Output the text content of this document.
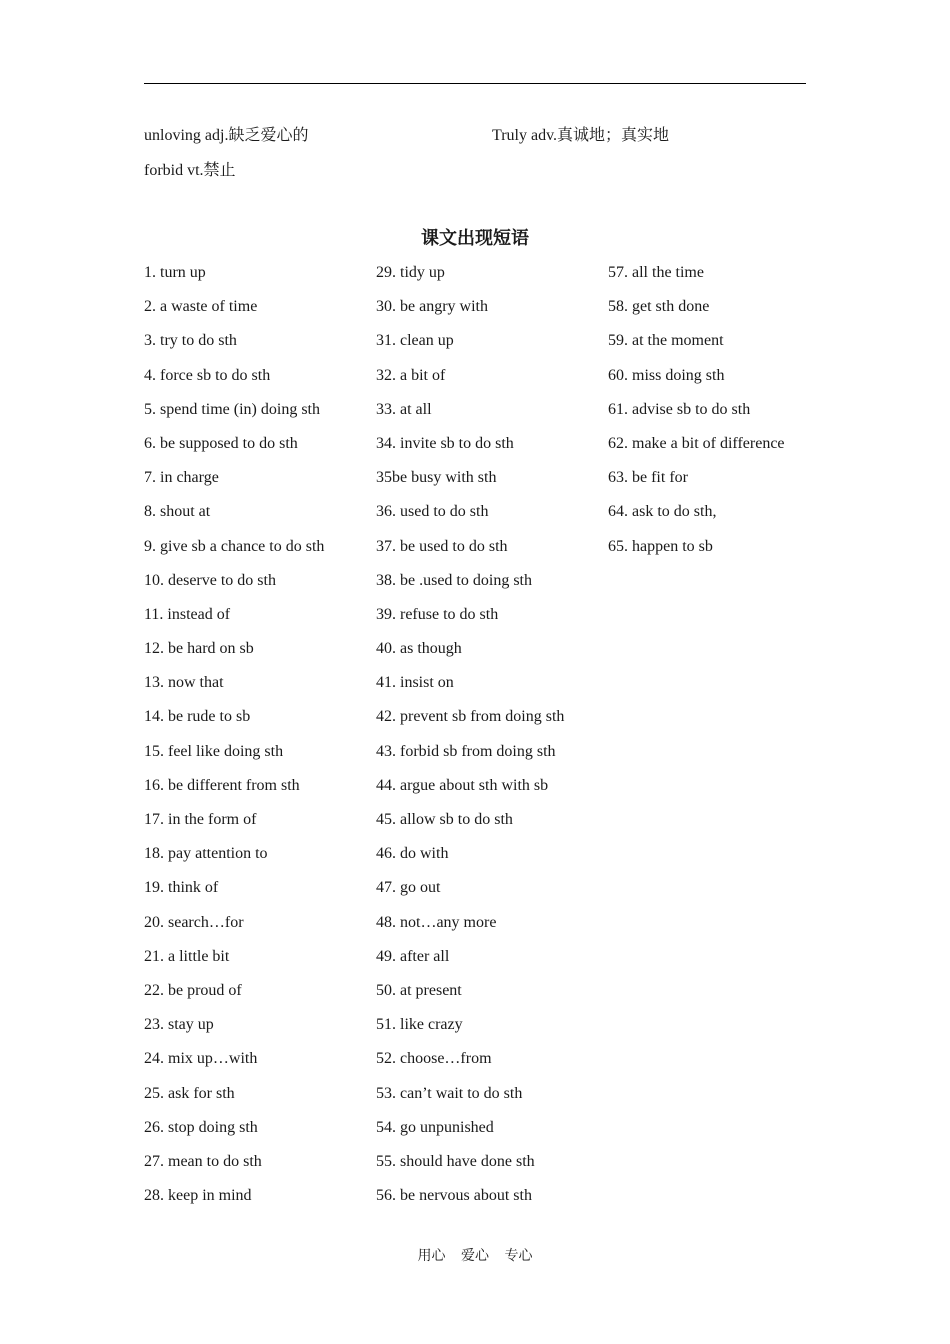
unloving adj.缺乏爱心的	Truly adv.真诚地；真实地
forbid vt.禁止
课文出现短语
1. turn up
2. a waste of time
3. try to do sth
4. force sb to do sth
5. spend time (in) doing sth
6. be supposed to do sth
7. in charge
8. shout at
9. give sb a chance to do sth
10. deserve to do sth
11. instead of
12. be hard on sb
13. now that
14. be rude to sb
15. feel like doing sth
16. be different from sth
17. in the form of
18. pay attention to
19. think of
20. search…for
21. a little bit
22. be proud of
23. stay up
24. mix up…with
25. ask for sth
26. stop doing sth
27. mean to do sth
28. keep in mind
29. tidy up
30. be angry with
31. clean up
32. a bit of
33. at all
34. invite sb to do sth
35be busy with sth
36. used to do sth
37. be used to do sth
38. be .used to doing sth
39. refuse to do sth
40. as though
41. insist on
42. prevent sb from doing sth
43. forbid sb from doing sth
44. argue about sth with sb
45. allow sb to do sth
46. do with
47. go out
48. not…any more
49. after all
50. at present
51. like crazy
52. choose…from
53. can’t wait to do sth
54. go unpunished
55. should have done sth
56. be nervous about sth
57. all the time
58. get sth done
59. at the moment
60. miss doing sth
61. advise sb to do sth
62. make a bit of difference
63. be fit for
64. ask to do sth,
65. happen to sb
用心 爱心 专心
